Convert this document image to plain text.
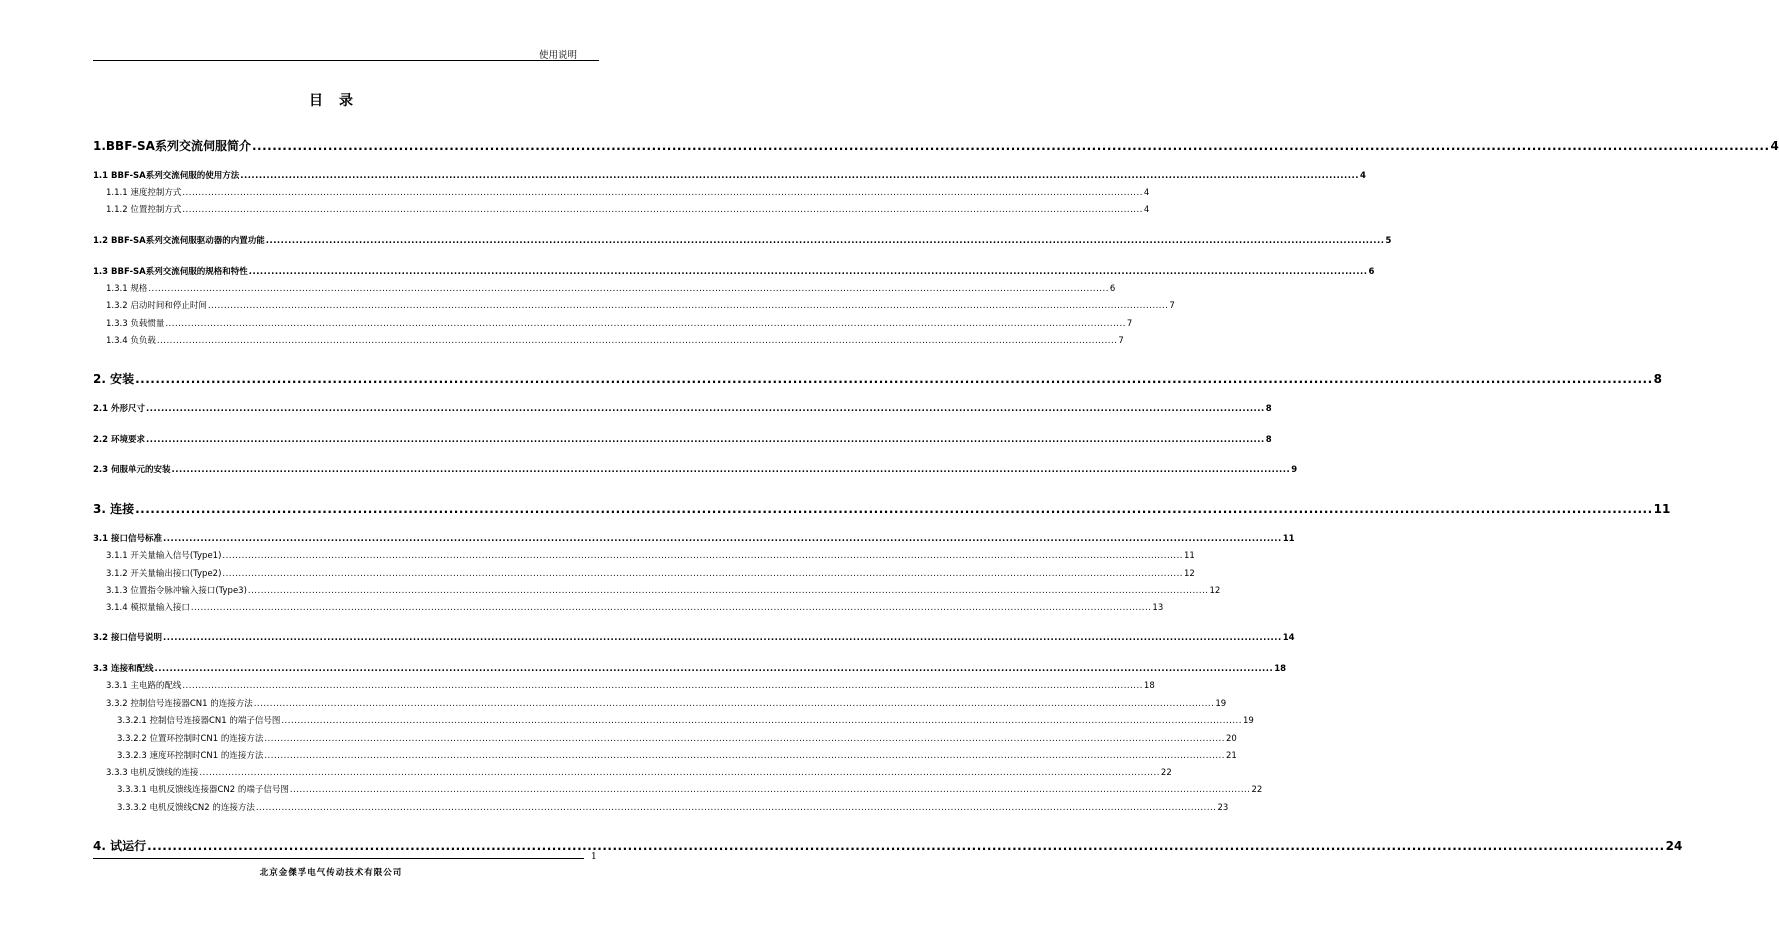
使用说明
目录
1.BBF-SA系列交流伺服简介 ............................................................................................................................................................................................................................................................................................................ 4
1.1 BBF-SA系列交流伺服的使用方法 ............................................................................................................................................................................................................................................................................................................ 4
1.1.1 速度控制方式 ............................................................................................................................................................................................................................................................................................................ 4
1.1.2 位置控制方式 ............................................................................................................................................................................................................................................................................................................ 4
1.2 BBF-SA系列交流伺服驱动器的内置功能 ............................................................................................................................................................................................................................................................................................................ 5
1.3 BBF-SA系列交流伺服的规格和特性 ............................................................................................................................................................................................................................................................................................................ 6
1.3.1 规格 ............................................................................................................................................................................................................................................................................................................ 6
1.3.2 启动时间和停止时间 ............................................................................................................................................................................................................................................................................................................ 7
1.3.3 负载惯量 ............................................................................................................................................................................................................................................................................................................ 7
1.3.4 负负载 ............................................................................................................................................................................................................................................................................................................ 7
2. 安装 ............................................................................................................................................................................................................................................................................................................ 8
2.1 外形尺寸 ............................................................................................................................................................................................................................................................................................................ 8
2.2 环境要求 ............................................................................................................................................................................................................................................................................................................ 8
2.3 伺服单元的安装 ............................................................................................................................................................................................................................................................................................................ 9
3. 连接 ............................................................................................................................................................................................................................................................................................................ 11
3.1 接口信号标准 ............................................................................................................................................................................................................................................................................................................ 11
3.1.1 开关量输入信号(Type1) ............................................................................................................................................................................................................................................................................................................ 11
3.1.2 开关量输出接口(Type2) ............................................................................................................................................................................................................................................................................................................ 12
3.1.3 位置指令脉冲输入接口(Type3) ............................................................................................................................................................................................................................................................................................................ 12
3.1.4 模拟量输入接口 ............................................................................................................................................................................................................................................................................................................ 13
3.2 接口信号说明 ............................................................................................................................................................................................................................................................................................................ 14
3.3 连接和配线 ............................................................................................................................................................................................................................................................................................................ 18
3.3.1 主电路的配线 ............................................................................................................................................................................................................................................................................................................ 18
3.3.2 控制信号连接器CN1 的连接方法 ............................................................................................................................................................................................................................................................................................................ 19
3.3.2.1 控制信号连接器CN1 的端子信号图 ............................................................................................................................................................................................................................................................................................................ 19
3.3.2.2 位置环控制时CN1 的连接方法 ............................................................................................................................................................................................................................................................................................................ 20
3.3.2.3 速度环控制时CN1 的连接方法 ............................................................................................................................................................................................................................................................................................................ 21
3.3.3 电机反馈线的连接 ............................................................................................................................................................................................................................................................................................................ 22
3.3.3.1 电机反馈线连接器CN2 的端子信号图 ............................................................................................................................................................................................................................................................................................................ 22
3.3.3.2 电机反馈线CN2 的连接方法 ............................................................................................................................................................................................................................................................................................................ 23
4. 试运行 ............................................................................................................................................................................................................................................................................................................ 24
1
北京金傑孚电气传动技术有限公司
